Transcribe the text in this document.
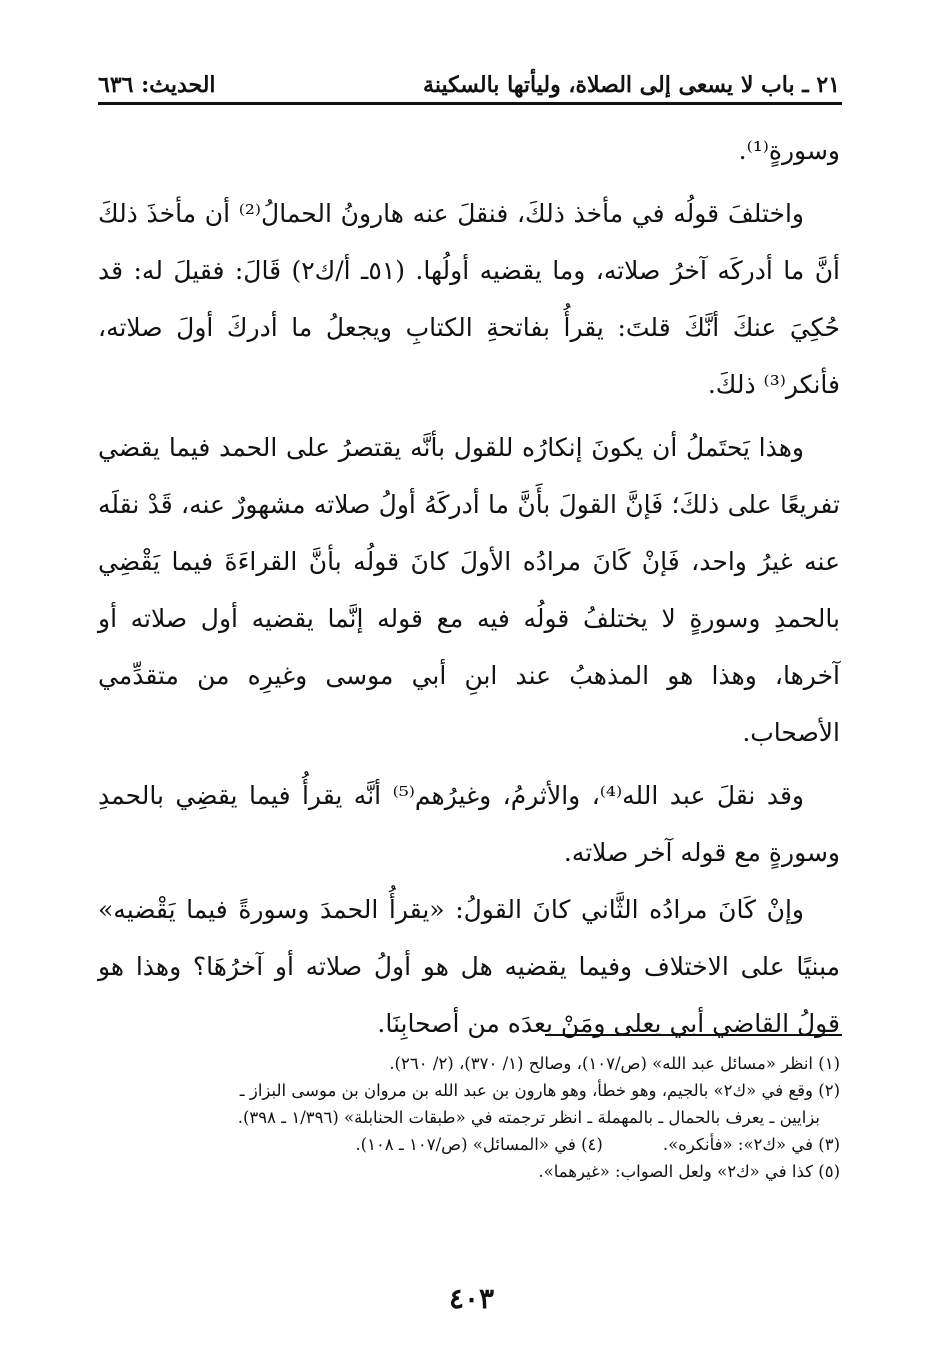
٢١ ـ باب لا يسعى إلى الصلاة، وليأتها بالسكينة
الحديث: ٦٣٦

وسورةٍ⁽¹⁾.

واختلفَ قولُه في مأخذ ذلكَ، فنقلَ عنه هارونُ الحمالُ⁽²⁾ أن مأخذَ ذلكَ أنَّ ما أدركَه آخرُ صلاته، وما يقضيه أولُها. (٥١ـ أ/ك٢) قَالَ: فقيلَ له: قد حُكِيَ عنكَ أنَّكَ قلتَ: يقرأُ بفاتحةِ الكتابِ ويجعلُ ما أدركَ أولَ صلاته، فأنكر⁽³⁾ ذلكَ.

وهذا يَحتَملُ أن يكونَ إنكارُه للقول بأنَّه يقتصرُ على الحمد فيما يقضي تفريعًا على ذلكَ؛ فَإنَّ القولَ بأَنَّ ما أدركَهُ أولُ صلاته مشهورٌ عنه، قَدْ نقلَه عنه غيرُ واحد، فَإنْ كَانَ مرادُه الأولَ كانَ قولُه بأنَّ القراءَةَ فيما يَقْضِي بالحمدِ وسورةٍ لا يختلفُ قولُه فيه مع قوله إنَّما يقضيه أول صلاته أو آخرها، وهذا هو المذهبُ عند ابنِ أبي موسى وغيرِه من متقدِّمي الأصحاب.

وقد نقلَ عبد الله⁽⁴⁾، والأثرمُ، وغيرُهم⁽⁵⁾ أنَّه يقرأُ فيما يقضِي بالحمدِ وسورةٍ مع قوله آخر صلاته.

وإنْ كَانَ مرادُه الثَّاني كانَ القولُ: «يقرأُ الحمدَ وسورةً فيما يَقْضيه» مبنيًا على الاختلاف وفيما يقضيه هل هو أولُ صلاته أو آخرُهَا؟ وهذا هو قولُ القاضي أبي يعلى ومَنْ بعدَه من أصحابِنَا.

(١) انظر «مسائل عبد الله» (ص/١٠٧)، وصالح (١/ ٣٧٠)، (٢/ ٢٦٠).

(٢) وقع في «ك٢» بالجيم، وهو خطأ، وهو هارون بن عبد الله بن مروان بن موسى البزاز ـ

بزايين ـ يعرف بالحمال ـ بالمهملة ـ انظر ترجمته في «طبقات الحنابلة» (١/٣٩٦ ـ ٣٩٨).

(٣) في «ك٢»: «فأنكره».(٤) في «المسائل» (ص/١٠٧ ـ ١٠٨).

(٥) كذا في «ك٢» ولعل الصواب: «غيرهما».

٤٠٣
